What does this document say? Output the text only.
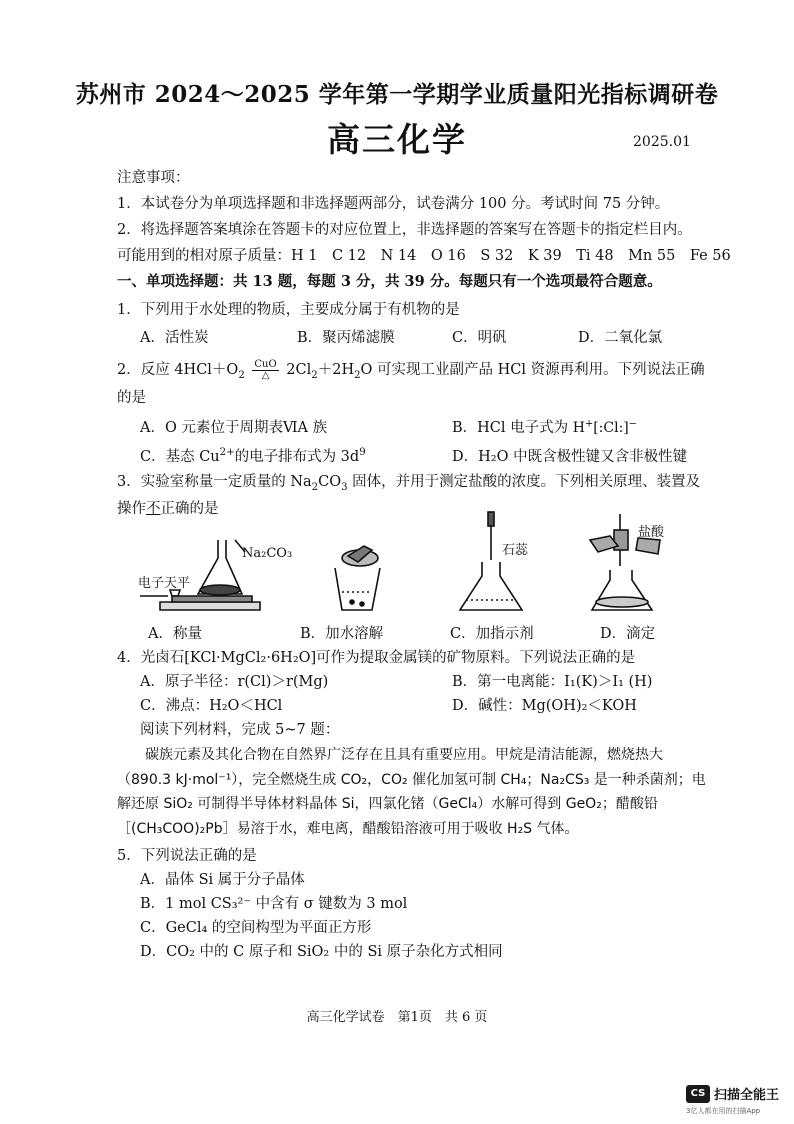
苏州市 2024～2025 学年第一学期学业质量阳光指标调研卷
高三化学	2025.01
注意事项：
1．本试卷分为单项选择题和非选择题两部分，试卷满分 100 分。考试时间 75 分钟。
2．将选择题答案填涂在答题卡的对应位置上，非选择题的答案写在答题卡的指定栏目内。
可能用到的相对原子质量：H 1　C 12　N 14　O 16　S 32　K 39　Ti 48　Mn 55　Fe 56
一、单项选择题：共 13 题，每题 3 分，共 39 分。每题只有一个选项最符合题意。
1．下列用于水处理的物质，主要成分属于有机物的是
A．活性炭	B．聚丙烯滤膜	C．明矾	D．二氧化氯
2．反应 $4HCl+O_2 \frac{\text{CuO}}{\triangle} 2Cl_2+2H_2O$ 可实现工业副产品 HCl 资源再利用。下列说法正确
的是
A．O 元素位于周期表ⅥA 族	B．HCl 电子式为 H+[:Cl:]−
C．基态 $Cu^{2+}$的电子排布式为 $3d^9$	D．H₂O 中既含极性键又含非极性键
3．实验室称量一定质量的 $Na_2CO_3$ 固体，并用于测定盐酸的浓度。下列相关原理、装置及
操作不正确的是
Na₂CO₃
电子天平
石蕊
盐酸
A．称量	B．加水溶解	C．加指示剂	D．滴定
4．光卤石[KCl·MgCl₂·6H₂O]可作为提取金属镁的矿物原料。下列说法正确的是
A．原子半径：r(Cl)＞r(Mg)	B．第一电离能：I₁(K)＞I₁ (H)
C．沸点：H₂O＜HCl	D．碱性：Mg(OH)₂＜KOH
阅读下列材料，完成 5~7 题：

碳族元素及其化合物在自然界广泛存在且具有重要应用。甲烷是清洁能源，燃烧热大（890.3 kJ·mol⁻¹），完全燃烧生成 CO₂，CO₂ 催化加氢可制 CH₄；Na₂CS₃ 是一种杀菌剂；电解还原 SiO₂ 可制得半导体材料晶体 Si，四氯化锗（GeCl₄）水解可得到 GeO₂；醋酸铅［(CH₃COO)₂Pb］易溶于水，难电离，醋酸铅溶液可用于吸收 H₂S 气体。

5．下列说法正确的是
A．晶体 Si 属于分子晶体
B．1 mol CS₃²⁻ 中含有 σ 键数为 3 mol
C．GeCl₄ 的空间构型为平面正方形
D．CO₂ 中的 C 原子和 SiO₂ 中的 Si 原子杂化方式相同
高三化学试卷　第1页　共 6 页
CS 扫描全能王
3亿人都在用的扫描App
